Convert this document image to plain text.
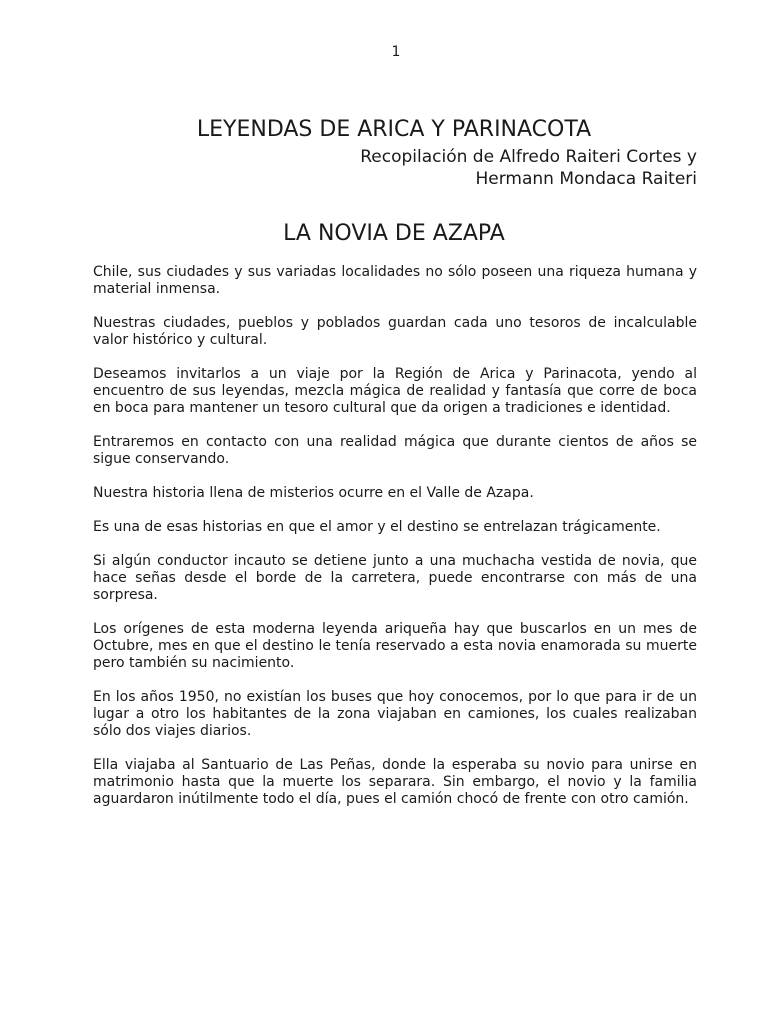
1
LEYENDAS DE ARICA Y PARINACOTA
Recopilación de Alfredo Raiteri Cortes y
Hermann Mondaca Raiteri
LA NOVIA DE AZAPA

Chile, sus ciudades y sus variadas localidades no sólo poseen una riqueza humana y material inmensa.

Nuestras ciudades, pueblos y poblados guardan cada uno tesoros de incalculable valor histórico y cultural.

Deseamos invitarlos a un viaje por la Región de Arica y Parinacota, yendo al encuentro de sus leyendas, mezcla mágica de realidad y fantasía que corre de boca en boca para mantener un tesoro cultural que da origen a tradiciones e identidad.

Entraremos en contacto con una realidad mágica que durante cientos de años se sigue conservando.

Nuestra historia llena de misterios ocurre en el Valle de Azapa.

Es una de esas historias en que el amor y el destino se entrelazan trágicamente.

Si algún conductor incauto se detiene junto a una muchacha vestida de novia, que hace señas desde el borde de la carretera, puede encontrarse con más de una sorpresa.

Los orígenes de esta moderna leyenda ariqueña hay que buscarlos en un mes de Octubre, mes en que el destino le tenía reservado a esta novia enamorada su muerte pero también su nacimiento.

En los años 1950, no existían los buses que hoy conocemos, por lo que para ir de un lugar a otro los habitantes de la zona viajaban en camiones, los cuales realizaban sólo dos viajes diarios.

Ella viajaba al Santuario de Las Peñas, donde la esperaba su novio para unirse en matrimonio hasta que la muerte los separara. Sin embargo, el novio y la familia aguardaron inútilmente todo el día, pues el camión chocó de frente con otro camión.
